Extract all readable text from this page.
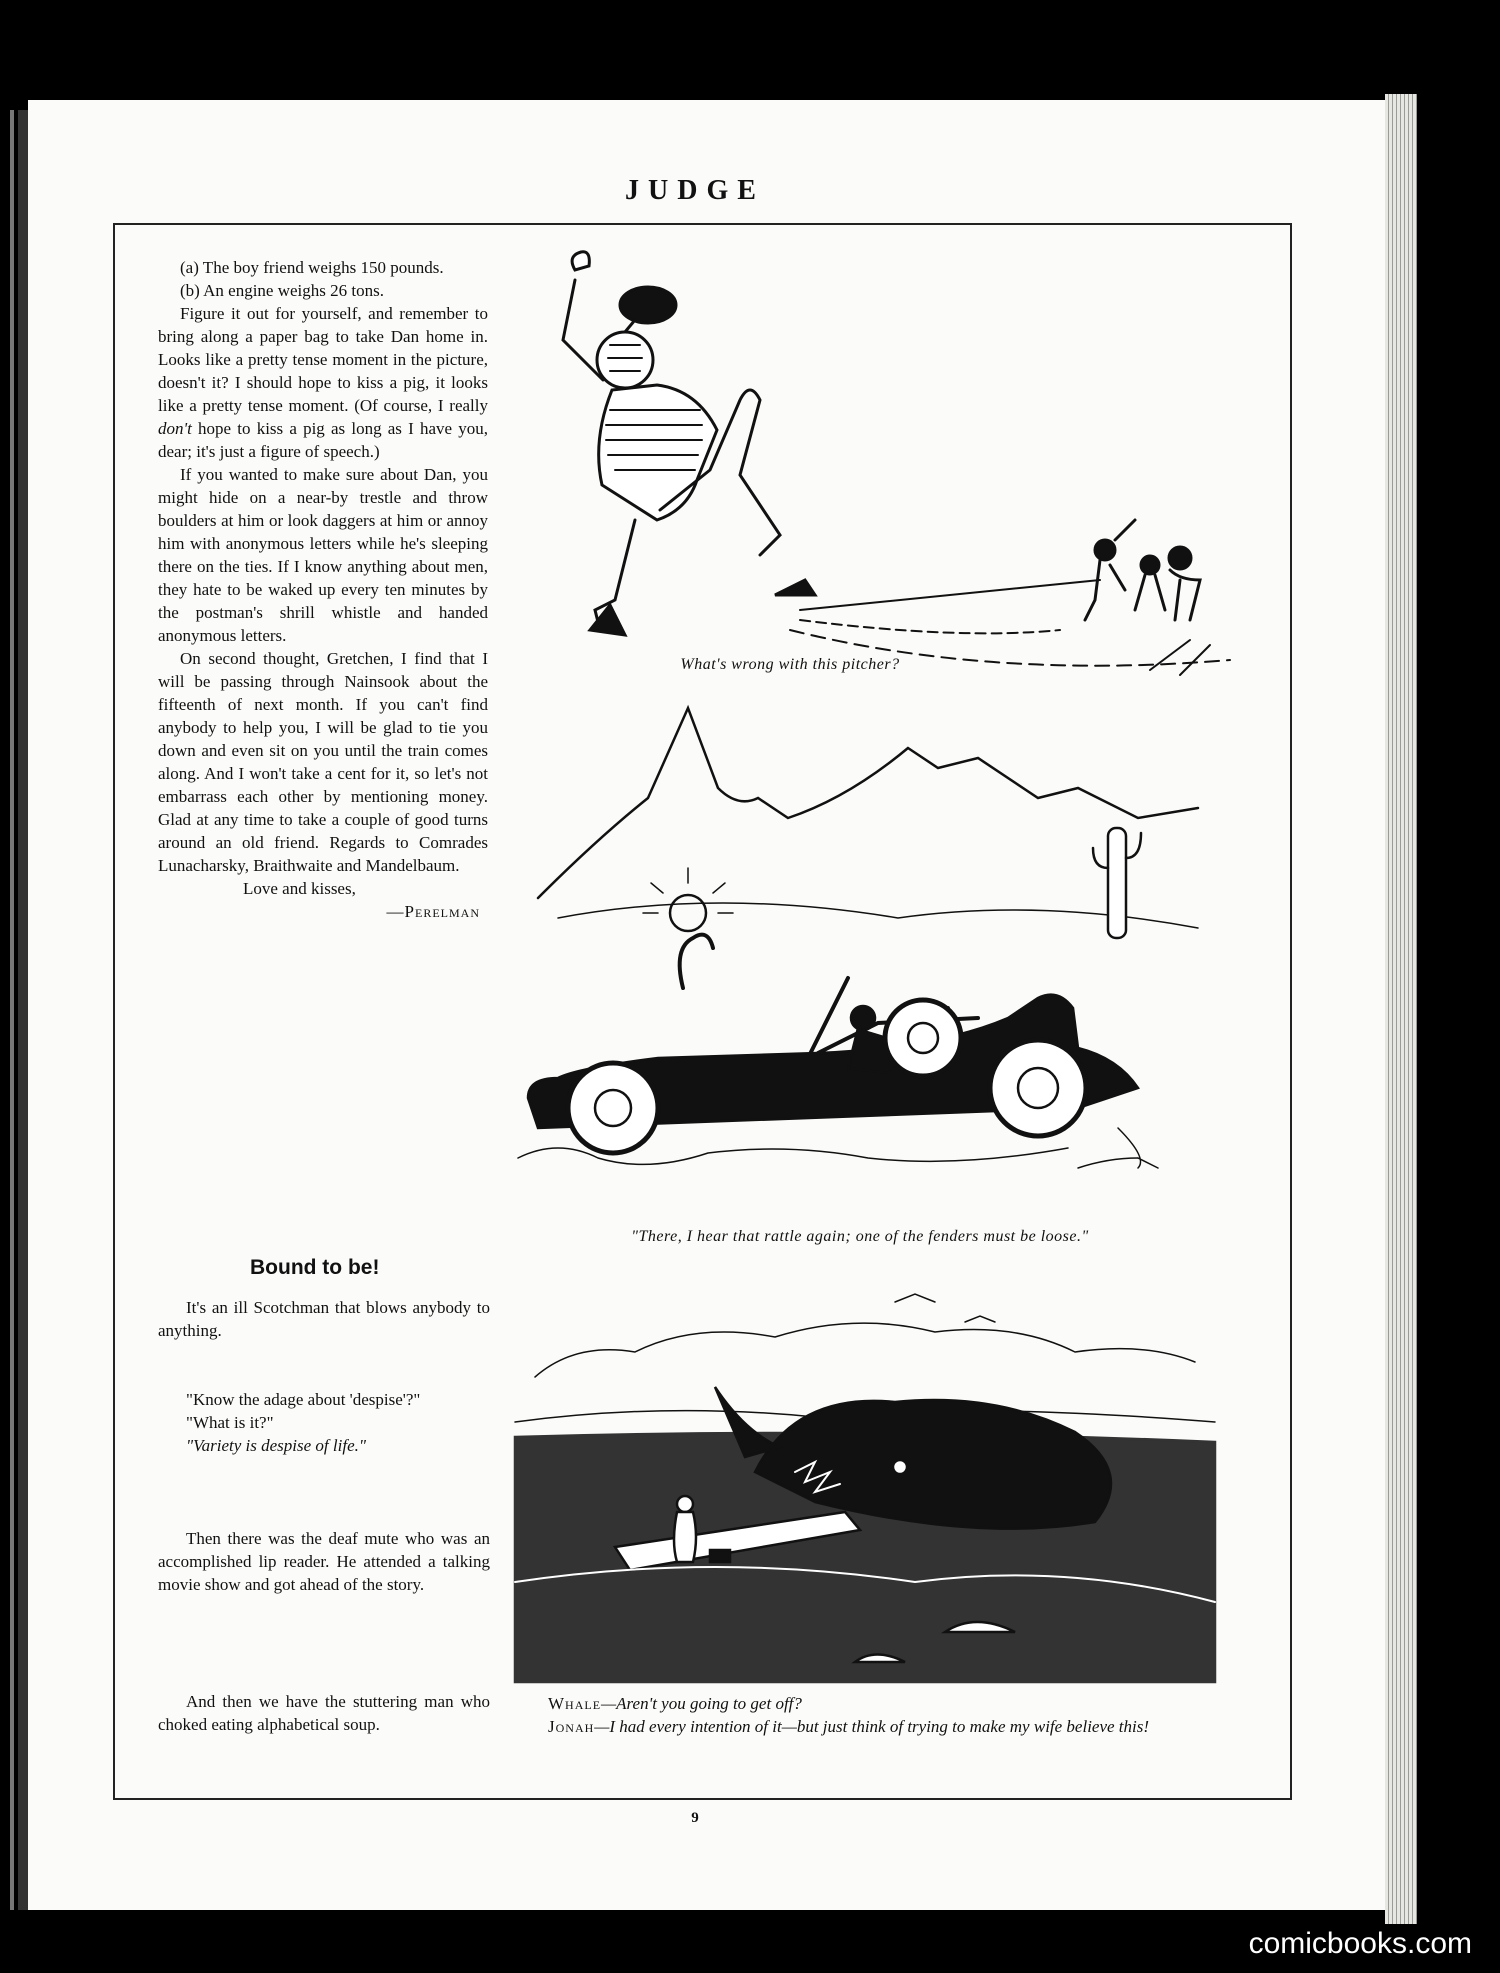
JUDGE

(a) The boy friend weighs 150 pounds.

(b) An engine weighs 26 tons.

Figure it out for yourself, and remember to bring along a paper bag to take Dan home in. Looks like a pretty tense moment in the picture, doesn't it? I should hope to kiss a pig, it looks like a pretty tense moment. (Of course, I really don't hope to kiss a pig as long as I have you, dear; it's just a figure of speech.)

If you wanted to make sure about Dan, you might hide on a near-by trestle and throw boulders at him or look daggers at him or annoy him with anonymous letters while he's sleeping there on the ties. If I know anything about men, they hate to be waked up every ten minutes by the postman's shrill whistle and handed anonymous letters.

On second thought, Gretchen, I find that I will be passing through Nainsook about the fifteenth of next month. If you can't find anybody to help you, I will be glad to tie you down and even sit on you until the train comes along. And I won't take a cent for it, so let's not embarrass each other by mentioning money. Glad at any time to take a couple of good turns around an old friend. Regards to Comrades Lunacharsky, Braithwaite and Mandelbaum.

Love and kisses,

—Perelman

Bound to be!

It's an ill Scotchman that blows anybody to anything.

"Know the adage about 'despise'?"

"What is it?"

"Variety is despise of life."

Then there was the deaf mute who was an accomplished lip reader. He attended a talking movie show and got ahead of the story.

And then we have the stuttering man who choked eating alphabetical soup.

What's wrong with this pitcher?
"There, I hear that rattle again; one of the fenders must be loose."

Whale—Aren't you going to get off?

Jonah—I had every intention of it—but just think of trying to make my wife believe this!

9
comicbooks.com
